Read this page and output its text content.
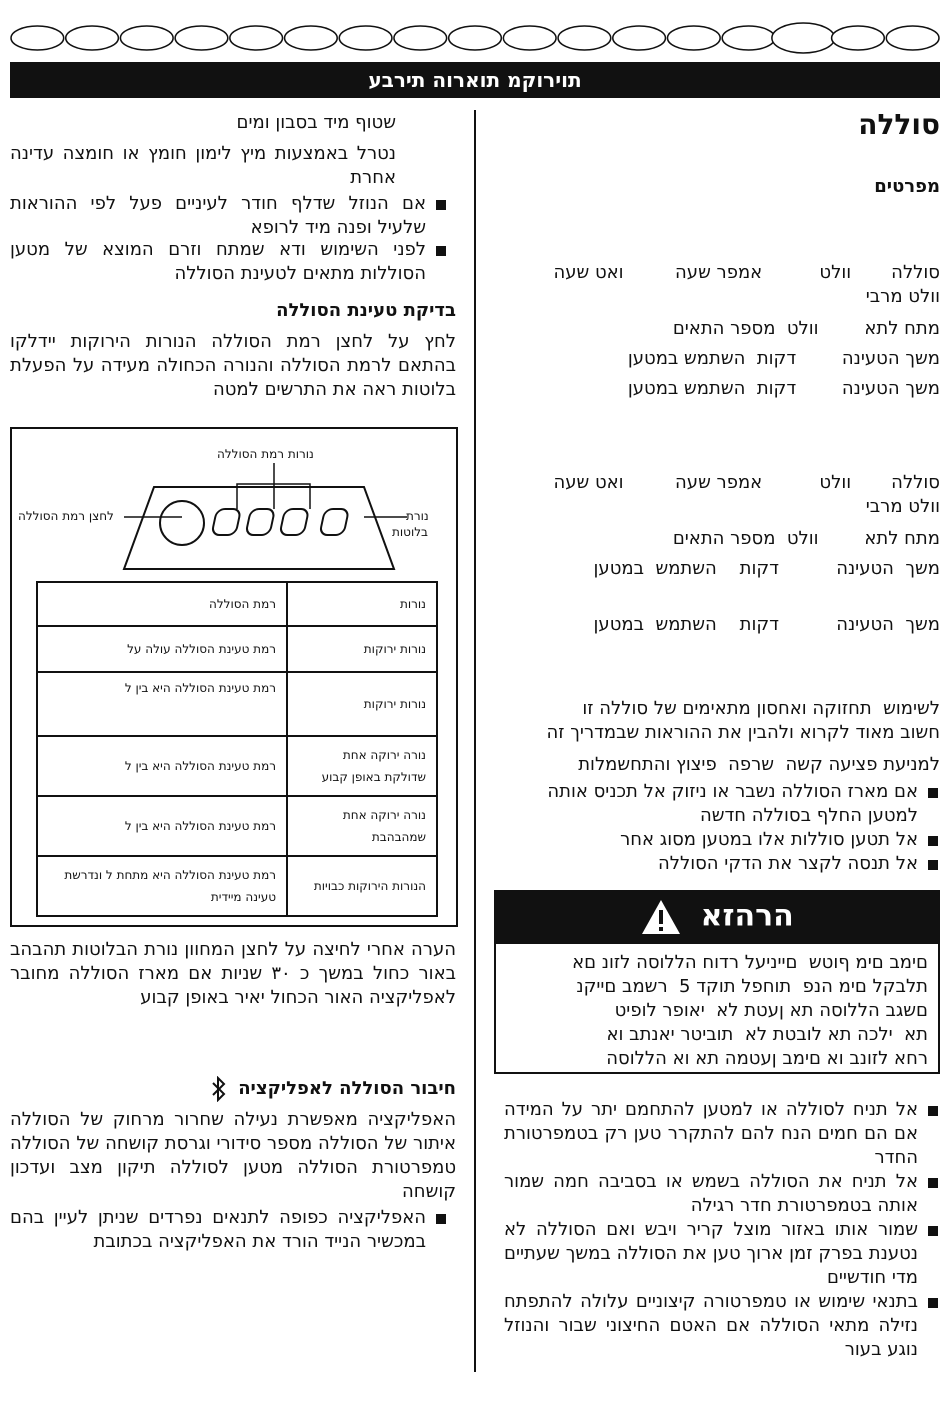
תוירוקמ תוארוה תירבע
סוללה
מפרטים
סוללה       וולט          אמפר שעה         ואט שעה
וולט מרבי
מתח לתא        וולט  מספר התאים
משך הטעינה        דקות  השתמש במטען
משך הטעינה        דקות  השתמש במטען
סוללה       וולט          אמפר שעה         ואט שעה
וולט מרבי
מתח לתא        וולט  מספר התאים
משך  הטעינה          דקות    השתמש  במטען
משך  הטעינה          דקות    השתמש  במטען
לשימוש  תחזוקה ואחסון מתאימים של סוללה זו
חשוב מאוד לקרוא ולהבין את ההוראות שבמדריך זה
למניעת פציעה קשה  שרפה  פיצוץ והתחשמלות
אם מארז הסוללה נשבר או ניזוק אל תכניס אותה למטען החלף בסוללה חדשה
אל תטען סוללות אלו במטען מסוג אחר
אל תנסה לקצר את הדקי הסוללה
הרהזא
םימב םימ ףוטש  םייניעל רדוח הללוסה לזונ םא
תלבקל םימ הנפ  תוחפל תוקד 5  רשמב םייקנ
םשגב הללוסה תא ןעטת לא  יאופר לופיט
תא  ילכה תא לובטת לא  תוביטר יאנתב וא
רחא לזונב וא םימב ןעטמה תא וא הללוסה
אל תניח לסוללה או למטען להתחמם יתר על המידה אם הם חמים הנח להם להתקרר טען רק בטמפרטורת החדר
אל תניח את הסוללה בשמש או בסביבה חמה שמור אותה בטמפרטורת חדר רגילה
שמור אותו באזור מוצל קריר ויבש ואם הסוללה לא נטענת בפרק זמן ארוך טען את הסוללה במשך שעתיים מדי חודשיים
בתנאי שימוש או טמפרטורה קיצוניים עלולה להתפתח נזילה מתאי הסוללה אם האטם החיצוני שבור והנוזל נוגע בעור
שטוף מיד בסבון ומים
נטרל באמצעות מיץ לימון חומץ או חומצה עדינה אחרת
אם הנוזל שדלף חודר לעיניים פעל לפי ההוראות שלעיל ופנה מיד לרופא
לפני השימוש ודא שמתח וזרם המוצא של מטען הסוללות מתאים לטעינת הסוללה
בדיקת טעינת הסוללה
לחץ על לחצן רמת הסוללה הנורות הירוקות יידלקו בהתאם לרמת הסוללה והנורה הכחולה מעידה על הפעלת בלוטות ראה את התרשים למטה
נורות רמת הסוללה
לחצן רמת הסוללה	נורת
בלוטות
נורות	רמת הסוללה
נורות ירוקות	רמת טעינת הסוללה עולה על
נורות ירוקות	רמת טעינת הסוללה היא בין ל
נורה ירוקה אחת שדולקת באופן קבוע	רמת טעינת הסוללה היא בין ל
נורה ירוקה אחת שמהבהבת	רמת טעינת הסוללה היא בין ל
הנורות הירוקות כבויות	רמת טעינת הסוללה היא מתחת ל ונדרשת טעינה מיידית
הערה אחרי לחיצה על לחצן המחוון נורת הבלוטות תהבהב באור כחול במשך כ ٣٠ שניות אם מארז הסוללה מחובר לאפליקציה האור הכחול יאיר באופן קבוע
חיבור הסוללה לאפליקציה
האפליקציה מאפשרת נעילה שחרור מרחוק של הסוללה איתור של הסוללה מספר סידורי וגרסת קושחה של הסוללה טמפרטורת הסוללה מטען לסוללה תיקון מצב ועדכון קושחה
האפליקציה כפופה לתנאים נפרדים שניתן לעיין בהם במכשיר הנייד הורד את האפליקציה בכתובת
